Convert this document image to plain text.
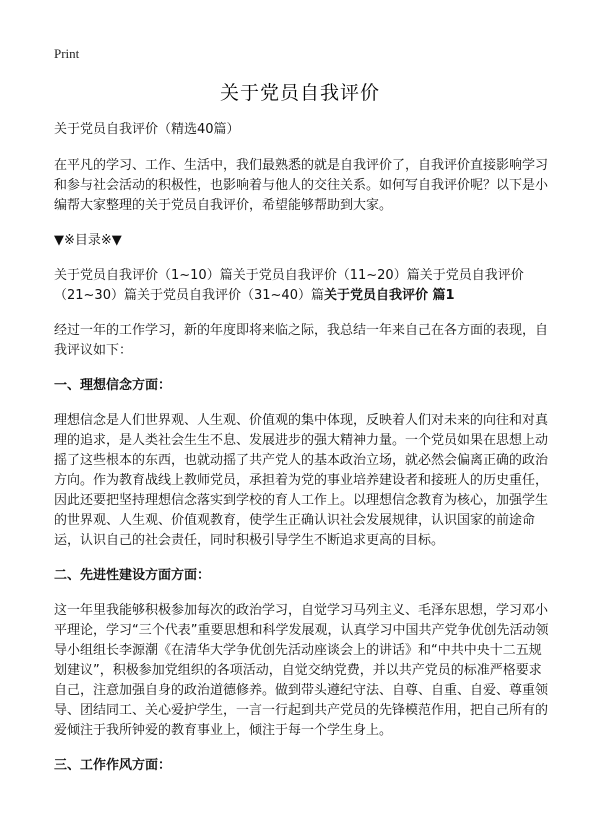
Print
关于党员自我评价

关于党员自我评价（精选40篇）

在平凡的学习、工作、生活中，我们最熟悉的就是自我评价了，自我评价直接影响学习和参与社会活动的积极性，也影响着与他人的交往关系。如何写自我评价呢？以下是小编帮大家整理的关于党员自我评价，希望能够帮助到大家。

▼※目录※▼

关于党员自我评价（1~10）篇关于党员自我评价（11~20）篇关于党员自我评价（21~30）篇关于党员自我评价（31~40）篇关于党员自我评价 篇1

经过一年的工作学习，新的年度即将来临之际，我总结一年来自己在各方面的表现，自我评议如下：

一、理想信念方面：

理想信念是人们世界观、人生观、价值观的集中体现，反映着人们对未来的向往和对真理的追求，是人类社会生生不息、发展进步的强大精神力量。一个党员如果在思想上动摇了这些根本的东西，也就动摇了共产党人的基本政治立场，就必然会偏离正确的政治方向。作为教育战线上教师党员，承担着为党的事业培养建设者和接班人的历史重任，因此还要把坚持理想信念落实到学校的育人工作上。以理想信念教育为核心，加强学生的世界观、人生观、价值观教育，使学生正确认识社会发展规律，认识国家的前途命运，认识自己的社会责任，同时积极引导学生不断追求更高的目标。

二、先进性建设方面方面：

这一年里我能够积极参加每次的政治学习，自觉学习马列主义、毛泽东思想，学习邓小平理论，学习“三个代表”重要思想和科学发展观，认真学习中国共产党争优创先活动领导小组组长李源潮《在清华大学争优创先活动座谈会上的讲话》和“中共中央十二五规划建议”，积极参加党组织的各项活动，自觉交纳党费，并以共产党员的标准严格要求自己，注意加强自身的政治道德修养。做到带头遵纪守法、自尊、自重、自爱、尊重领导、团结同工、关心爱护学生，一言一行起到共产党员的先锋模范作用，把自己所有的爱倾注于我所钟爱的教育事业上，倾注于每一个学生身上。

三、工作作风方面：
